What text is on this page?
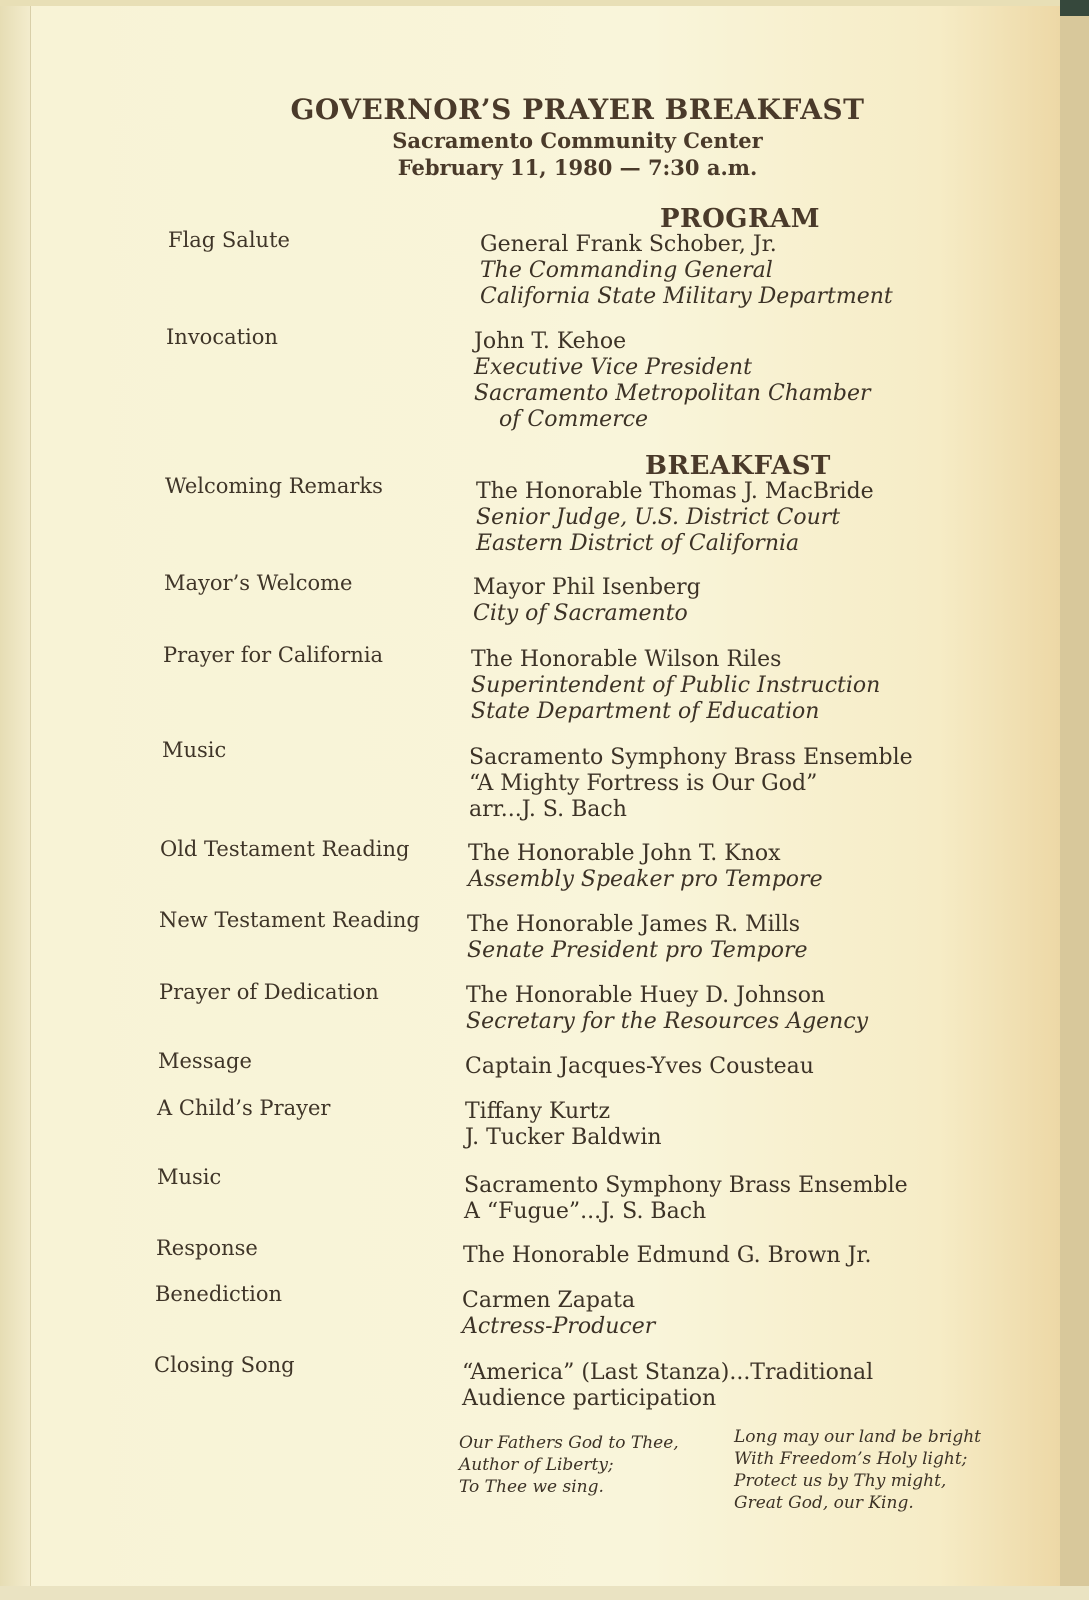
GOVERNOR’S PRAYER BREAKFAST
Sacramento Community Center
February 11, 1980 — 7:30 a.m.
PROGRAM
BREAKFAST
Flag Salute	General Frank Schober, Jr.
The Commanding General
California State Military Department
Invocation	John T. Kehoe
Executive Vice President
Sacramento Metropolitan Chamber
of Commerce
Welcoming Remarks	The Honorable Thomas J. MacBride
Senior Judge, U.S. District Court
Eastern District of California
Mayor’s Welcome	Mayor Phil Isenberg
City of Sacramento
Prayer for California	The Honorable Wilson Riles
Superintendent of Public Instruction
State Department of Education
Music	Sacramento Symphony Brass Ensemble
“A Mighty Fortress is Our God”
arr...J. S. Bach
Old Testament Reading	The Honorable John T. Knox
Assembly Speaker pro Tempore
New Testament Reading The Honorable James R. Mills
Senate President pro Tempore
Prayer of Dedication	The Honorable Huey D. Johnson
Secretary for the Resources Agency
Message	Captain Jacques-Yves Cousteau
A Child’s Prayer	Tiffany Kurtz
J. Tucker Baldwin
Music	Sacramento Symphony Brass Ensemble
A “Fugue”...J. S. Bach
Response	The Honorable Edmund G. Brown Jr.
Benediction	Carmen Zapata
Actress-Producer
Closing Song	“America” (Last Stanza)...Traditional
Audience participation
Our Fathers God to Thee,
Author of Liberty;
To Thee we sing.
Long may our land be bright
With Freedom’s Holy light;
Protect us by Thy might,
Great God, our King.
